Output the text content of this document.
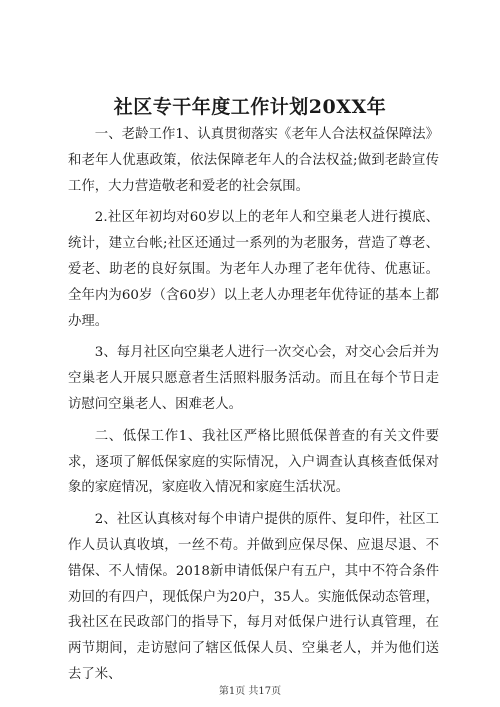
社区专干年度工作计划20XX年

一、老龄工作1、认真贯彻落实《老年人合法权益保障法》和老年人优惠政策，依法保障老年人的合法权益;做到老龄宣传工作，大力营造敬老和爱老的社会氛围。

2.社区年初均对60岁以上的老年人和空巢老人进行摸底、统计，建立台帐;社区还通过一系列的为老服务，营造了尊老、爱老、助老的良好氛围。为老年人办理了老年优待、优惠证。全年内为60岁（含60岁）以上老人办理老年优待证的基本上都办理。

3、每月社区向空巢老人进行一次交心会，对交心会后并为空巢老人开展只愿意者生活照料服务活动。而且在每个节日走访慰问空巢老人、困难老人。

二、低保工作1、我社区严格比照低保普查的有关文件要求，逐项了解低保家庭的实际情况，入户调查认真核查低保对象的家庭情况，家庭收入情况和家庭生活状况。

2、社区认真核对每个申请户提供的原件、复印件，社区工作人员认真收填，一丝不苟。并做到应保尽保、应退尽退、不错保、不人情保。2018新申请低保户有五户，其中不符合条件劝回的有四户，现低保户为20户，35人。实施低保动态管理，我社区在民政部门的指导下，每月对低保户进行认真管理，在两节期间，走访慰问了辖区低保人员、空巢老人，并为他们送去了米、

第1页 共17页
